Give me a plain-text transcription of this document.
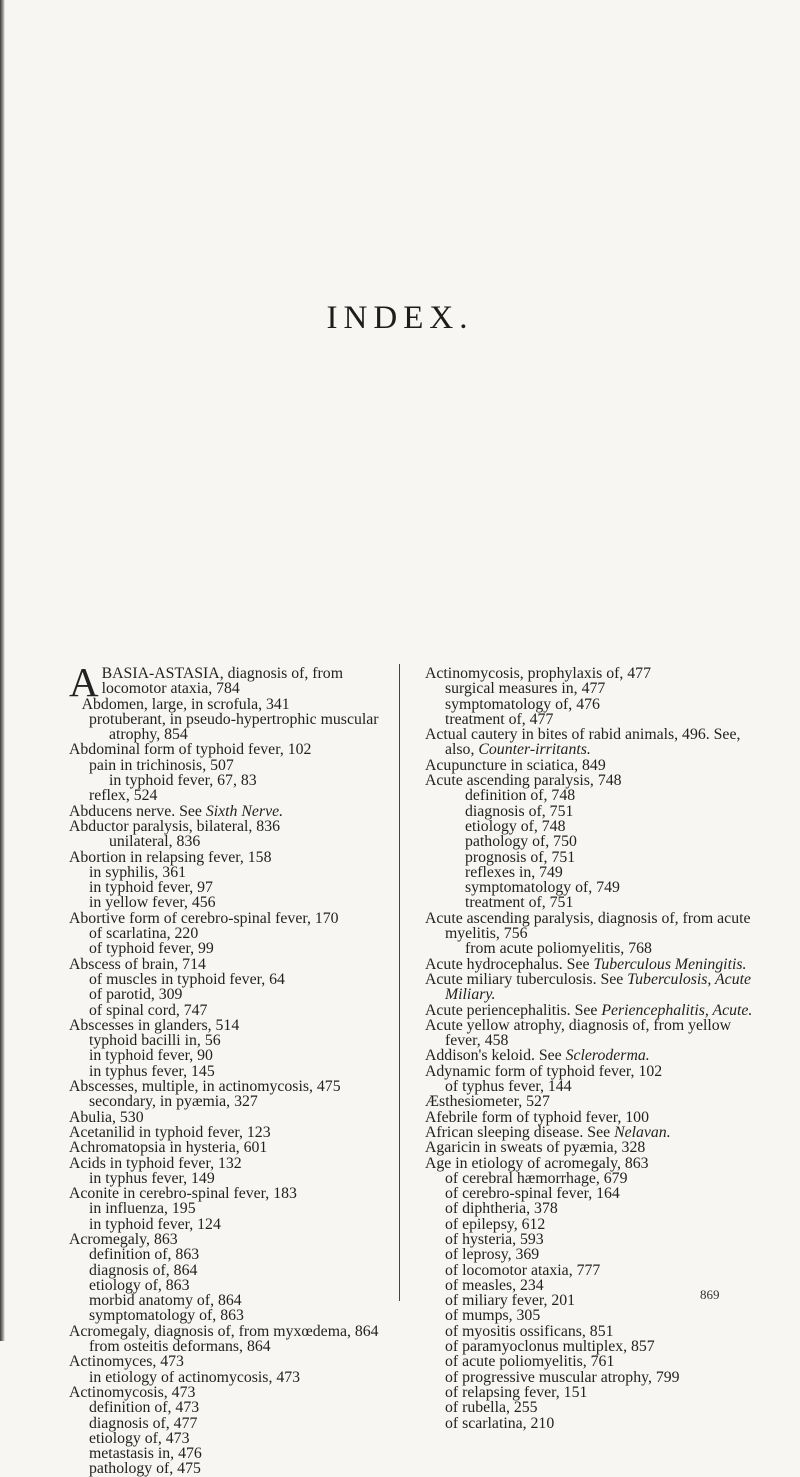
INDEX.
ABASIA-ASTASIA, diagnosis of, from locomotor ataxia, 784
Abdomen, large, in scrofula, 341
protuberant, in pseudo-hypertrophic muscular atrophy, 854
Abdominal form of typhoid fever, 102
pain in trichinosis, 507
in typhoid fever, 67, 83
reflex, 524
Abducens nerve. See Sixth Nerve.
Abductor paralysis, bilateral, 836
unilateral, 836
Abortion in relapsing fever, 158
in syphilis, 361
in typhoid fever, 97
in yellow fever, 456
Abortive form of cerebro-spinal fever, 170
of scarlatina, 220
of typhoid fever, 99
Abscess of brain, 714
of muscles in typhoid fever, 64
of parotid, 309
of spinal cord, 747
Abscesses in glanders, 514
typhoid bacilli in, 56
in typhoid fever, 90
in typhus fever, 145
Abscesses, multiple, in actinomycosis, 475
secondary, in pyæmia, 327
Abulia, 530
Acetanilid in typhoid fever, 123
Achromatopsia in hysteria, 601
Acids in typhoid fever, 132
in typhus fever, 149
Aconite in cerebro-spinal fever, 183
in influenza, 195
in typhoid fever, 124
Acromegaly, 863
definition of, 863
diagnosis of, 864
etiology of, 863
morbid anatomy of, 864
symptomatology of, 863
Acromegaly, diagnosis of, from myxœdema, 864
from osteitis deformans, 864
Actinomyces, 473
in etiology of actinomycosis, 473
Actinomycosis, 473
definition of, 473
diagnosis of, 477
etiology of, 473
metastasis in, 476
pathology of, 475
Actinomycosis, prophylaxis of, 477
surgical measures in, 477
symptomatology of, 476
treatment of, 477
Actual cautery in bites of rabid animals, 496. See, also, Counter-irritants.
Acupuncture in sciatica, 849
Acute ascending paralysis, 748
definition of, 748
diagnosis of, 751
etiology of, 748
pathology of, 750
prognosis of, 751
reflexes in, 749
symptomatology of, 749
treatment of, 751
Acute ascending paralysis, diagnosis of, from acute myelitis, 756
from acute poliomyelitis, 768
Acute hydrocephalus. See Tuberculous Meningitis.
Acute miliary tuberculosis. See Tuberculosis, Acute Miliary.
Acute periencephalitis. See Periencephalitis, Acute.
Acute yellow atrophy, diagnosis of, from yellow fever, 458
Addison's keloid. See Scleroderma.
Adynamic form of typhoid fever, 102
of typhus fever, 144
Æsthesiometer, 527
Afebrile form of typhoid fever, 100
African sleeping disease. See Nelavan.
Agaricin in sweats of pyæmia, 328
Age in etiology of acromegaly, 863
of cerebral hæmorrhage, 679
of cerebro-spinal fever, 164
of diphtheria, 378
of epilepsy, 612
of hysteria, 593
of leprosy, 369
of locomotor ataxia, 777
of measles, 234
of miliary fever, 201
of mumps, 305
of myositis ossificans, 851
of paramyoclonus multiplex, 857
of acute poliomyelitis, 761
of progressive muscular atrophy, 799
of relapsing fever, 151
of rubella, 255
of scarlatina, 210
869
